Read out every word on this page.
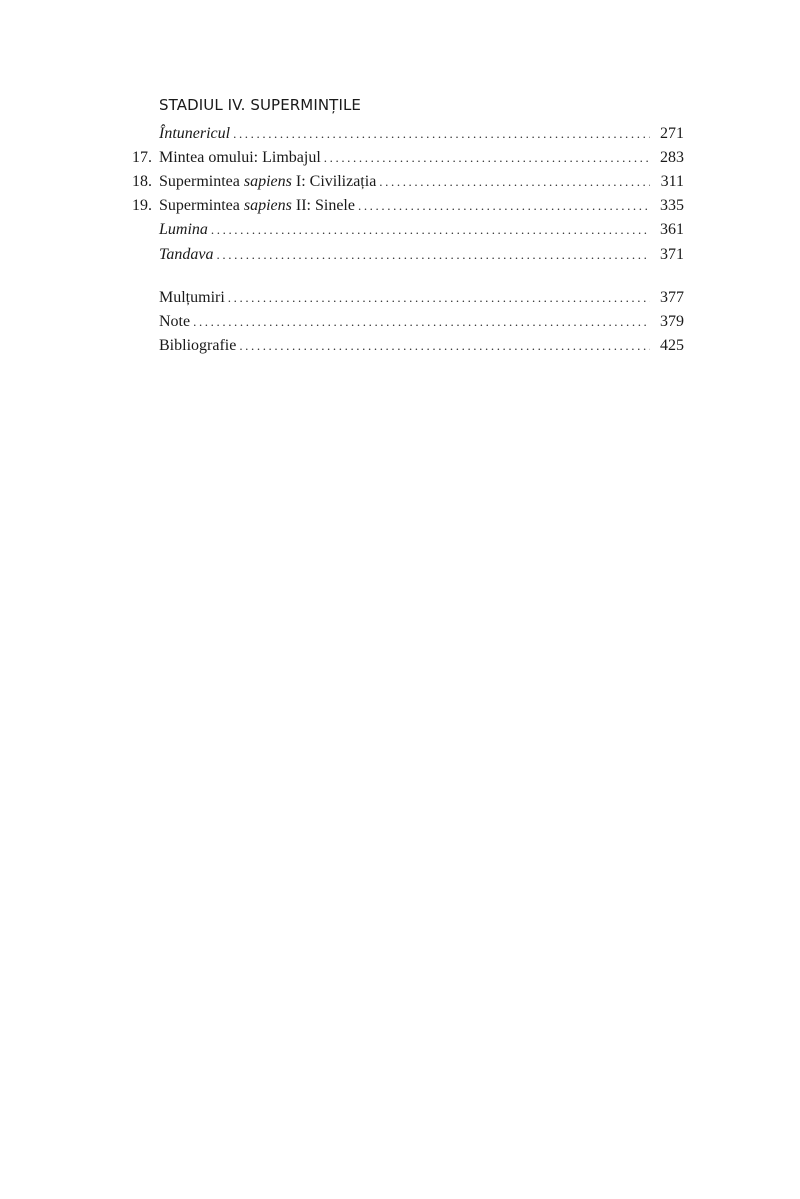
STADIUL IV. SUPERMINȚILE
Întunericul .....	271
17. Mintea omului: Limbajul .....	283
18. Supermintea sapiens I: Civilizația .....	311
19. Supermintea sapiens II: Sinele .....	335
Lumina .....	361
Tandava .....	371
Mulțumiri .....	377
Note .....	379
Bibliografie .....	425
